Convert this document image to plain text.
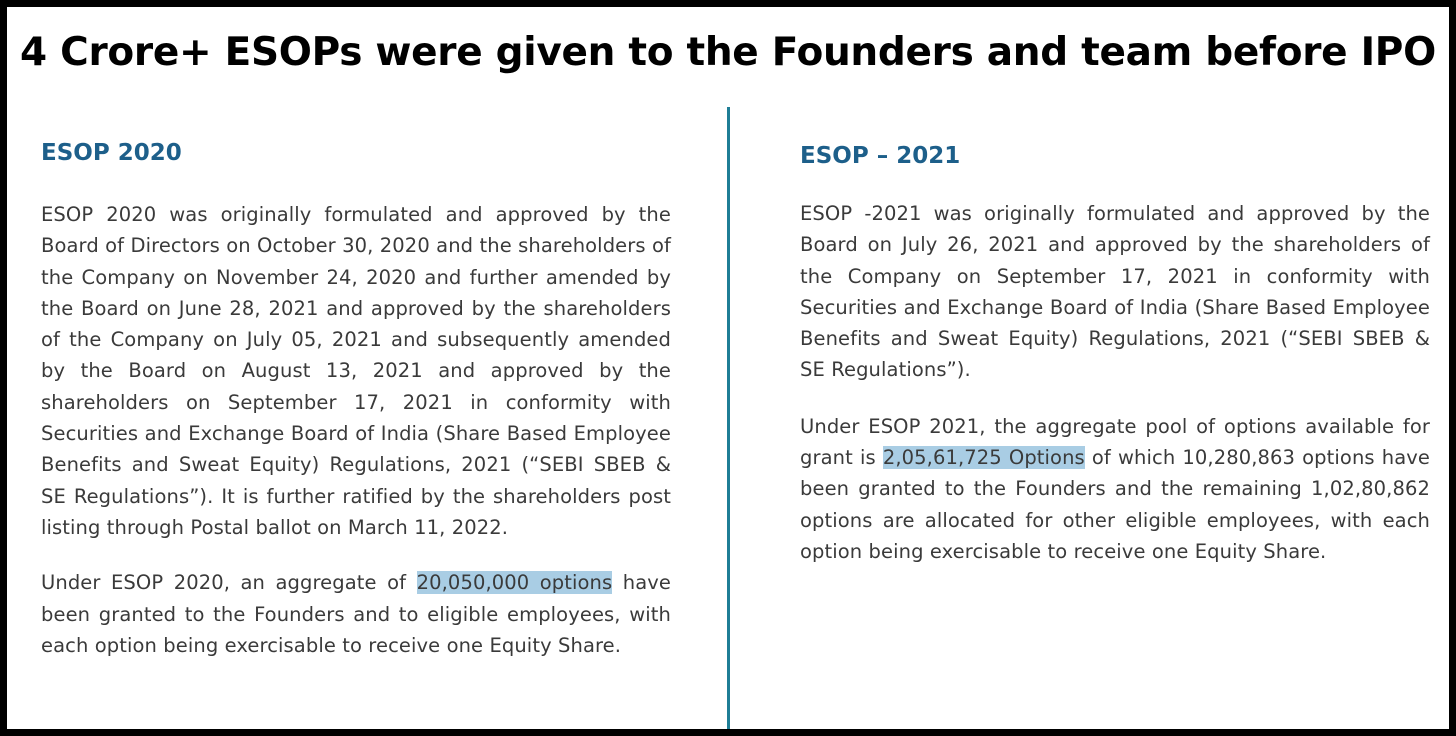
4 Crore+ ESOPs were given to the Founders and team before IPO
ESOP 2020

ESOP 2020 was originally formulated and approved by the Board of Directors on October 30, 2020 and the shareholders of the Company on November 24, 2020 and further amended by the Board on June 28, 2021 and approved by the shareholders of the Company on July 05, 2021 and subsequently amended by the Board on August 13, 2021 and approved by the shareholders on September 17, 2021 in conformity with Securities and Exchange Board of India (Share Based Employee Benefits and Sweat Equity) Regulations, 2021 (“SEBI SBEB & SE Regulations”). It is further ratified by the shareholders post listing through Postal ballot on March 11, 2022.

Under ESOP 2020, an aggregate of 20,050,000 options have been granted to the Founders and to eligible employees, with each option being exercisable to receive one Equity Share.

ESOP – 2021

ESOP -2021 was originally formulated and approved by the Board on July 26, 2021 and approved by the shareholders of the Company on September 17, 2021 in conformity with Securities and Exchange Board of India (Share Based Employee Benefits and Sweat Equity) Regulations, 2021 (“SEBI SBEB & SE Regulations”).

Under ESOP 2021, the aggregate pool of options available for grant is 2,05,61,725 Options of which 10,280,863 options have been granted to the Founders and the remaining 1,02,80,862 options are allocated for other eligible employees, with each option being exercisable to receive one Equity Share.
